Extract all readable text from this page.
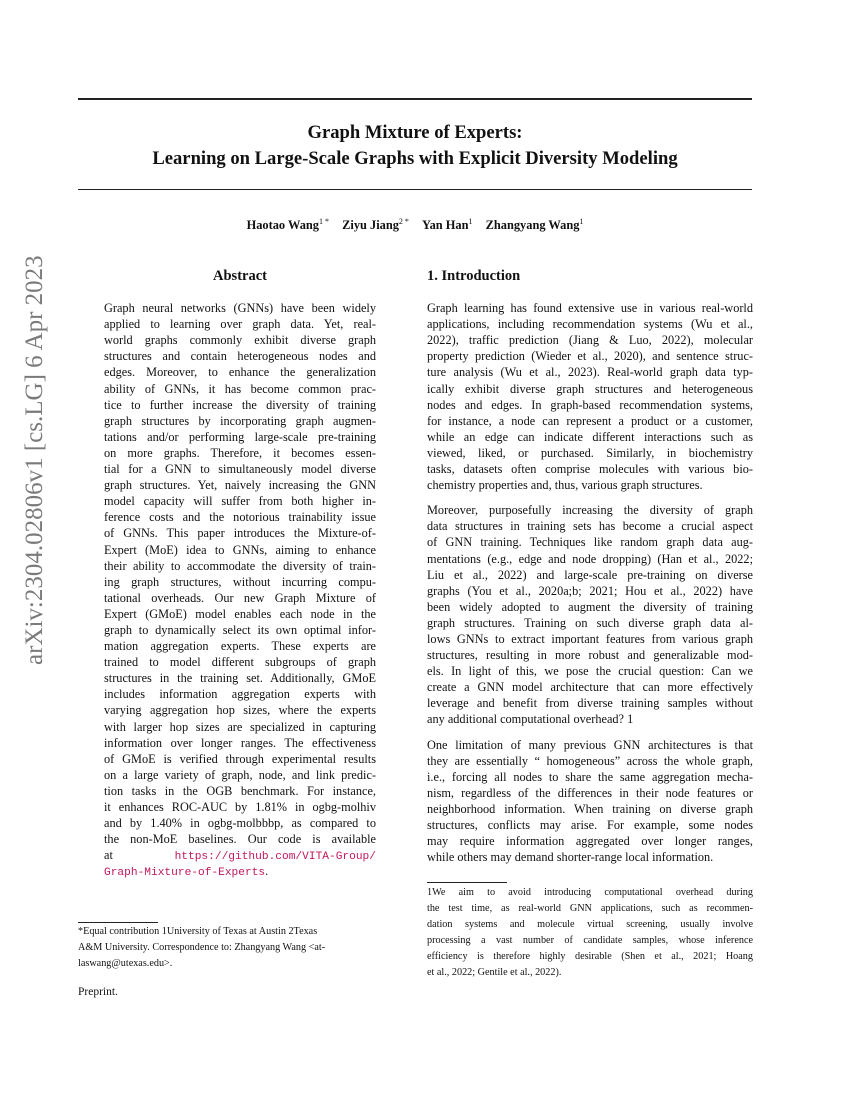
Graph Mixture of Experts:
Learning on Large-Scale Graphs with Explicit Diversity Modeling
Haotao Wang$^{1 *}$ Ziyu Jiang$^{2 *}$ Yan Han$^1$ Zhangyang Wang$^1$
arXiv:2304.02806v1 [cs.LG] 6 Apr 2023	Abstract
Graph neural networks (GNNs) have been widely
applied to learning over graph data. Yet, real-
world graphs commonly exhibit diverse graph
structures and contain heterogeneous nodes and
edges. Moreover, to enhance the generalization
ability of GNNs, it has become common prac-
tice to further increase the diversity of training
graph structures by incorporating graph augmen-
tations and/or performing large-scale pre-training
on more graphs. Therefore, it becomes essen-
tial for a GNN to simultaneously model diverse
graph structures. Yet, naively increasing the GNN
model capacity will suffer from both higher in-
ference costs and the notorious trainability issue
of GNNs. This paper introduces the Mixture-of-
Expert (MoE) idea to GNNs, aiming to enhance
their ability to accommodate the diversity of train-
ing graph structures, without incurring compu-
tational overheads. Our new Graph Mixture of
Expert (GMoE) model enables each node in the
graph to dynamically select its own optimal infor-
mation aggregation experts. These experts are
trained to model different subgroups of graph
structures in the training set. Additionally, GMoE
includes information aggregation experts with
varying aggregation hop sizes, where the experts
with larger hop sizes are specialized in capturing
information over longer ranges. The effectiveness
of GMoE is verified through experimental results
on a large variety of graph, node, and link predic-
tion tasks in the OGB benchmark. For instance,
it enhances ROC-AUC by 1.81% in ogbg-molhiv
and by 1.40% in ogbg-molbbbp, as compared to
the non-MoE baselines. Our code is available
at	https://github.com/VITA-Group/
Graph-Mixture-of-Experts.
1. Introduction
Graph learning has found extensive use in various real-world
applications, including recommendation systems (Wu et al.,
2022), traffic prediction (Jiang & Luo, 2022), molecular
property prediction (Wieder et al., 2020), and sentence struc-
ture analysis (Wu et al., 2023). Real-world graph data typ-
ically exhibit diverse graph structures and heterogeneous
nodes and edges. In graph-based recommendation systems,
for instance, a node can represent a product or a customer,
while an edge can indicate different interactions such as
viewed, liked, or purchased. Similarly, in biochemistry
tasks, datasets often comprise molecules with various bio-
chemistry properties and, thus, various graph structures.
Moreover, purposefully increasing the diversity of graph
data structures in training sets has become a crucial aspect
of GNN training. Techniques like random graph data aug-
mentations (e.g., edge and node dropping) (Han et al., 2022;
Liu et al., 2022) and large-scale pre-training on diverse
graphs (You et al., 2020a;b; 2021; Hou et al., 2022) have
been widely adopted to augment the diversity of training
graph structures. Training on such diverse graph data al-
lows GNNs to extract important features from various graph
structures, resulting in more robust and generalizable mod-
els. In light of this, we pose the crucial question: Can we
create a GNN model architecture that can more effectively
leverage and benefit from diverse training samples without
any additional computational overhead? 1
One limitation of many previous GNN architectures is that
they are essentially “ homogeneous” across the whole graph,
i.e., forcing all nodes to share the same aggregation mecha-
nism, regardless of the differences in their node features or
neighborhood information. When training on diverse graph
structures, conflicts may arise. For example, some nodes
may require information aggregated over longer ranges,
while others may demand shorter-range local information.
1We aim to avoid introducing computational overhead during
the test time, as real-world GNN applications, such as recommen-
dation systems and molecule virtual screening, usually involve
processing a vast number of candidate samples, whose inference
efficiency is therefore highly desirable (Shen et al., 2021; Hoang
et al., 2022; Gentile et al., 2022).
*Equal contribution 1University of Texas at Austin 2Texas
A&M University. Correspondence to: Zhangyang Wang <at-
laswang@utexas.edu>.
Preprint.
